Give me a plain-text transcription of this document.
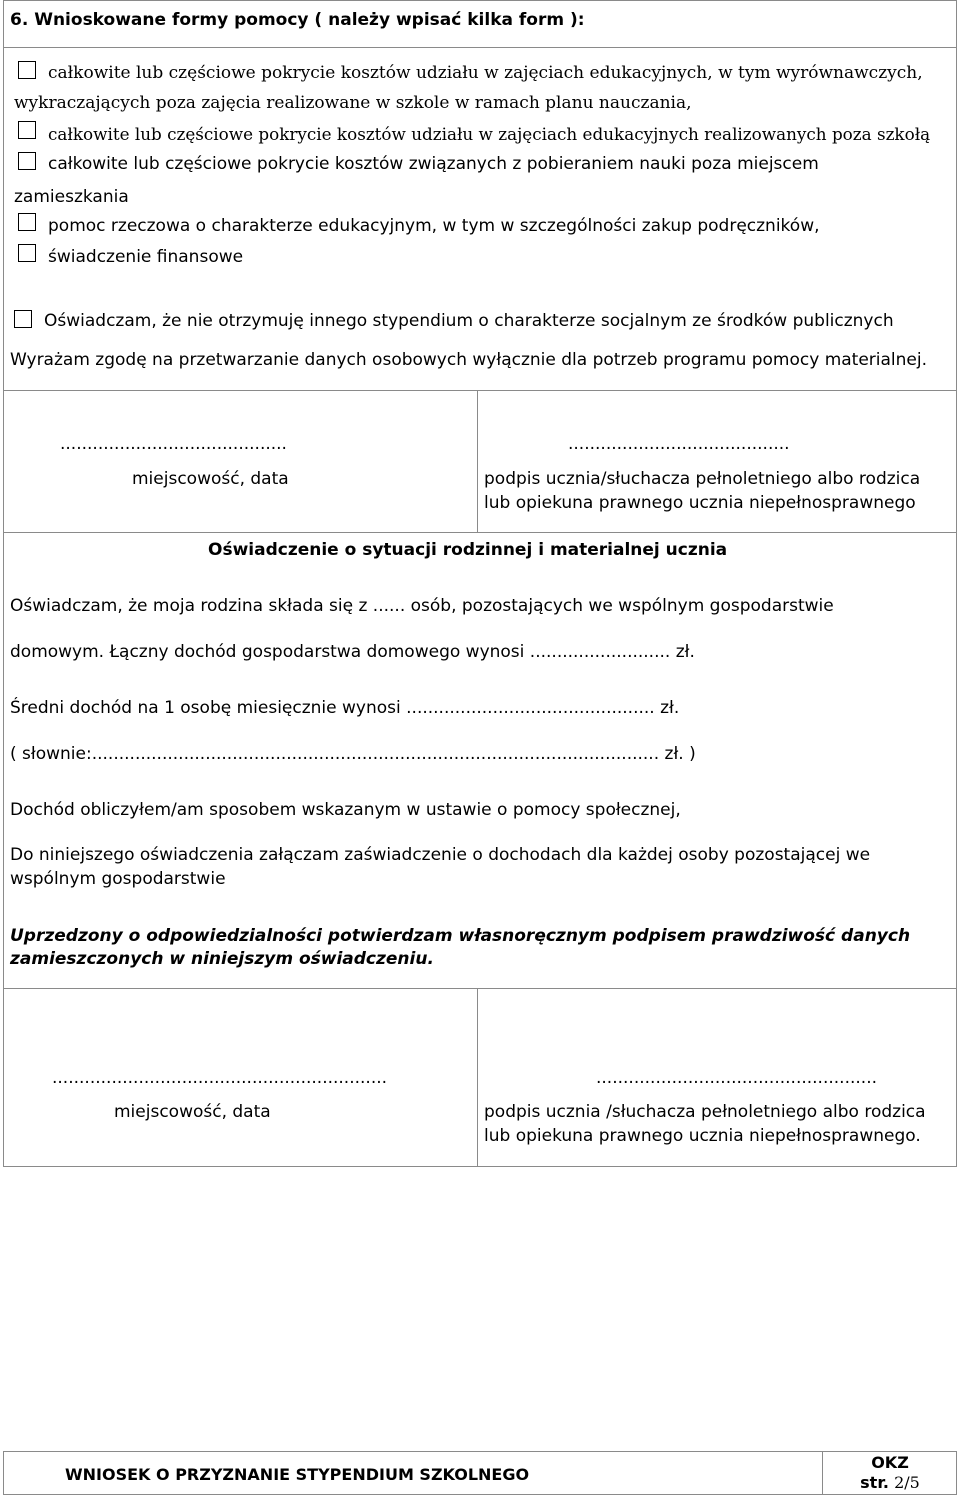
6. Wnioskowane formy pomocy ( należy wpisać kilka form ):
całkowite lub częściowe pokrycie kosztów udziału w zajęciach edukacyjnych, w tym wyrównawczych,
wykraczających poza zajęcia realizowane w szkole w ramach planu nauczania,
całkowite lub częściowe pokrycie kosztów udziału w zajęciach edukacyjnych realizowanych poza szkołą
całkowite lub częściowe pokrycie kosztów związanych z pobieraniem nauki poza miejscem
zamieszkania
pomoc rzeczowa o charakterze edukacyjnym, w tym w szczególności zakup podręczników,
świadczenie finansowe
Oświadczam, że nie otrzymuję innego stypendium o charakterze socjalnym ze środków publicznych
Wyrażam zgodę na przetwarzanie danych osobowych wyłącznie dla potrzeb programu pomocy materialnej.
..........................................
miejscowość, data
.........................................
podpis ucznia/słuchacza pełnoletniego albo rodzica
lub opiekuna prawnego ucznia niepełnosprawnego
Oświadczenie o sytuacji rodzinnej i materialnej ucznia
Oświadczam, że moja rodzina składa się z ...... osób, pozostających we wspólnym gospodarstwie
domowym. Łączny dochód gospodarstwa domowego wynosi .......................... zł.
Średni dochód na 1 osobę miesięcznie wynosi .............................................. zł.
( słownie:......................................................................................................... zł. )
Dochód obliczyłem/am sposobem wskazanym w ustawie o pomocy społecznej,
Do niniejszego oświadczenia załączam zaświadczenie o dochodach dla każdej osoby pozostającej we
wspólnym gospodarstwie
Uprzedzony o odpowiedzialności potwierdzam własnoręcznym podpisem prawdziwość danych
zamieszczonych w niniejszym oświadczeniu.
..............................................................
miejscowość, data
....................................................
podpis ucznia /słuchacza pełnoletniego albo rodzica
lub opiekuna prawnego ucznia niepełnosprawnego.
WNIOSEK O PRZYZNANIE STYPENDIUM SZKOLNEGO
OKZ
str. 2/5
